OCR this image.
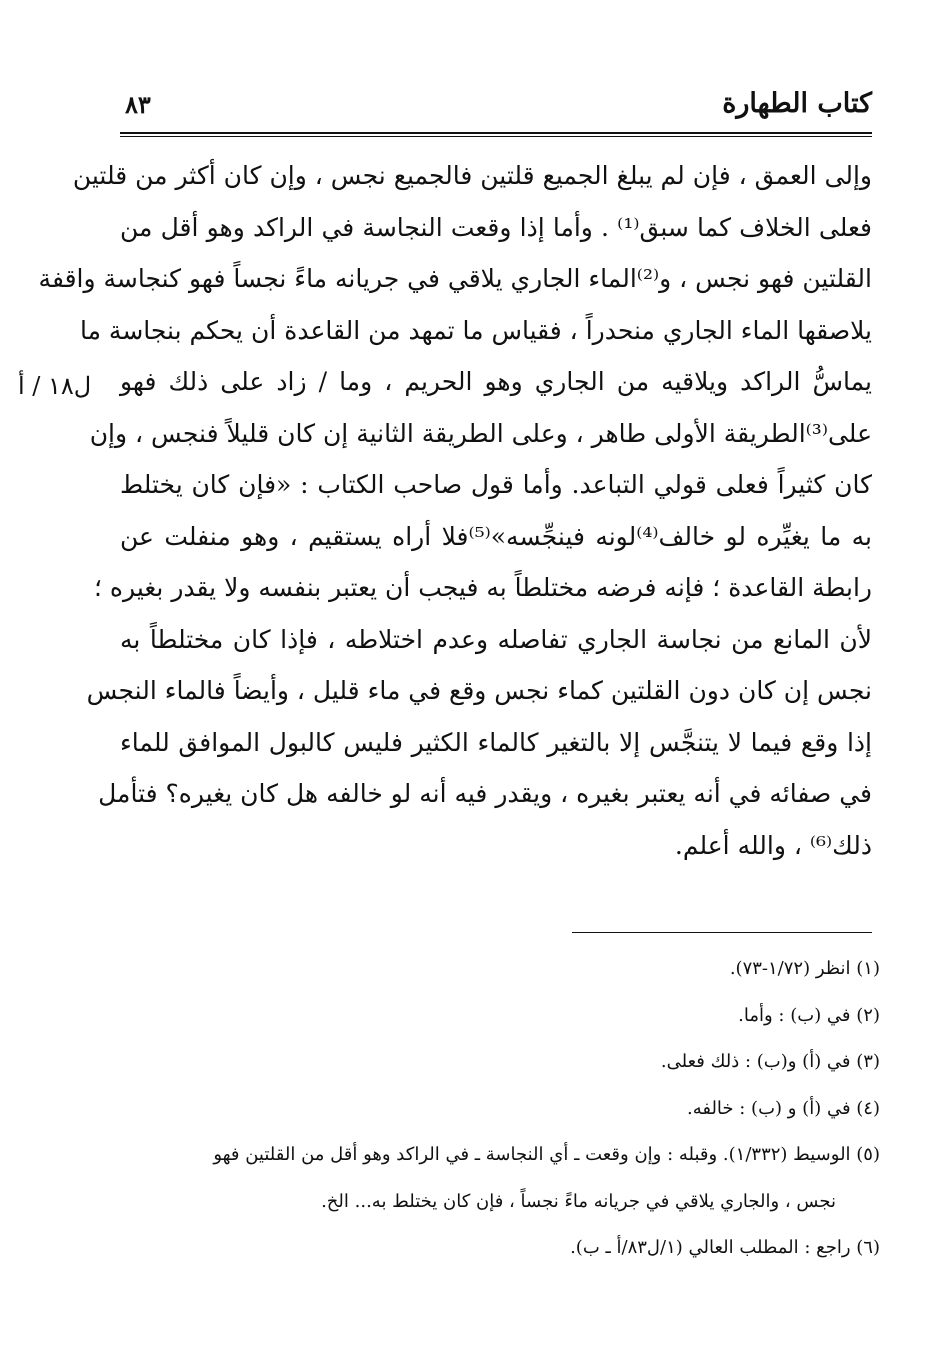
كتاب الطهارة
٨٣
ل١٨ / أ
وإلى العمق ، فإن لم يبلغ الجميع قلتين فالجميع نجس ، وإن كان أكثر من قلتين
فعلى الخلاف كما سبق⁽¹⁾ . وأما إذا وقعت النجاسة في الراكد وهو أقل من
القلتين فهو نجس ، و⁽²⁾الماء الجاري يلاقي في جريانه ماءً نجساً فهو كنجاسة واقفة
يلاصقها الماء الجاري منحدراً ، فقياس ما تمهد من القاعدة أن يحكم بنجاسة ما
يماسُّ الراكد ويلاقيه من الجاري وهو الحريم ، وما / زاد على ذلك فهو
على⁽³⁾الطريقة الأولى طاهر ، وعلى الطريقة الثانية إن كان قليلاً فنجس ، وإن
كان كثيراً فعلى قولي التباعد. وأما قول صاحب الكتاب : «فإن كان يختلط
به ما يغيِّره لو خالف⁽⁴⁾لونه فينجِّسه»⁽⁵⁾فلا أراه يستقيم ، وهو منفلت عن
رابطة القاعدة ؛ فإنه فرضه مختلطاً به فيجب أن يعتبر بنفسه ولا يقدر بغيره ؛
لأن المانع من نجاسة الجاري تفاصله وعدم اختلاطه ، فإذا كان مختلطاً به
نجس إن كان دون القلتين كماء نجس وقع في ماء قليل ، وأيضاً فالماء النجس
إذا وقع فيما لا يتنجَّس إلا بالتغير كالماء الكثير فليس كالبول الموافق للماء
في صفائه في أنه يعتبر بغيره ، ويقدر فيه أنه لو خالفه هل كان يغيره؟ فتأمل
ذلك⁽⁶⁾ ، والله أعلم.
(١) انظر (١/٧٢-٧٣).
(٢) في (ب) : وأما.
(٣) في (أ) و(ب) : ذلك فعلى.
(٤) في (أ) و (ب) : خالفه.
(٥) الوسيط (١/٣٣٢). وقبله : وإن وقعت ـ أي النجاسة ـ في الراكد وهو أقل من القلتين فهو
نجس ، والجاري يلاقي في جريانه ماءً نجساً ، فإن كان يختلط به... الخ.
(٦) راجع : المطلب العالي (١/ل٨٣/أ ـ ب).
